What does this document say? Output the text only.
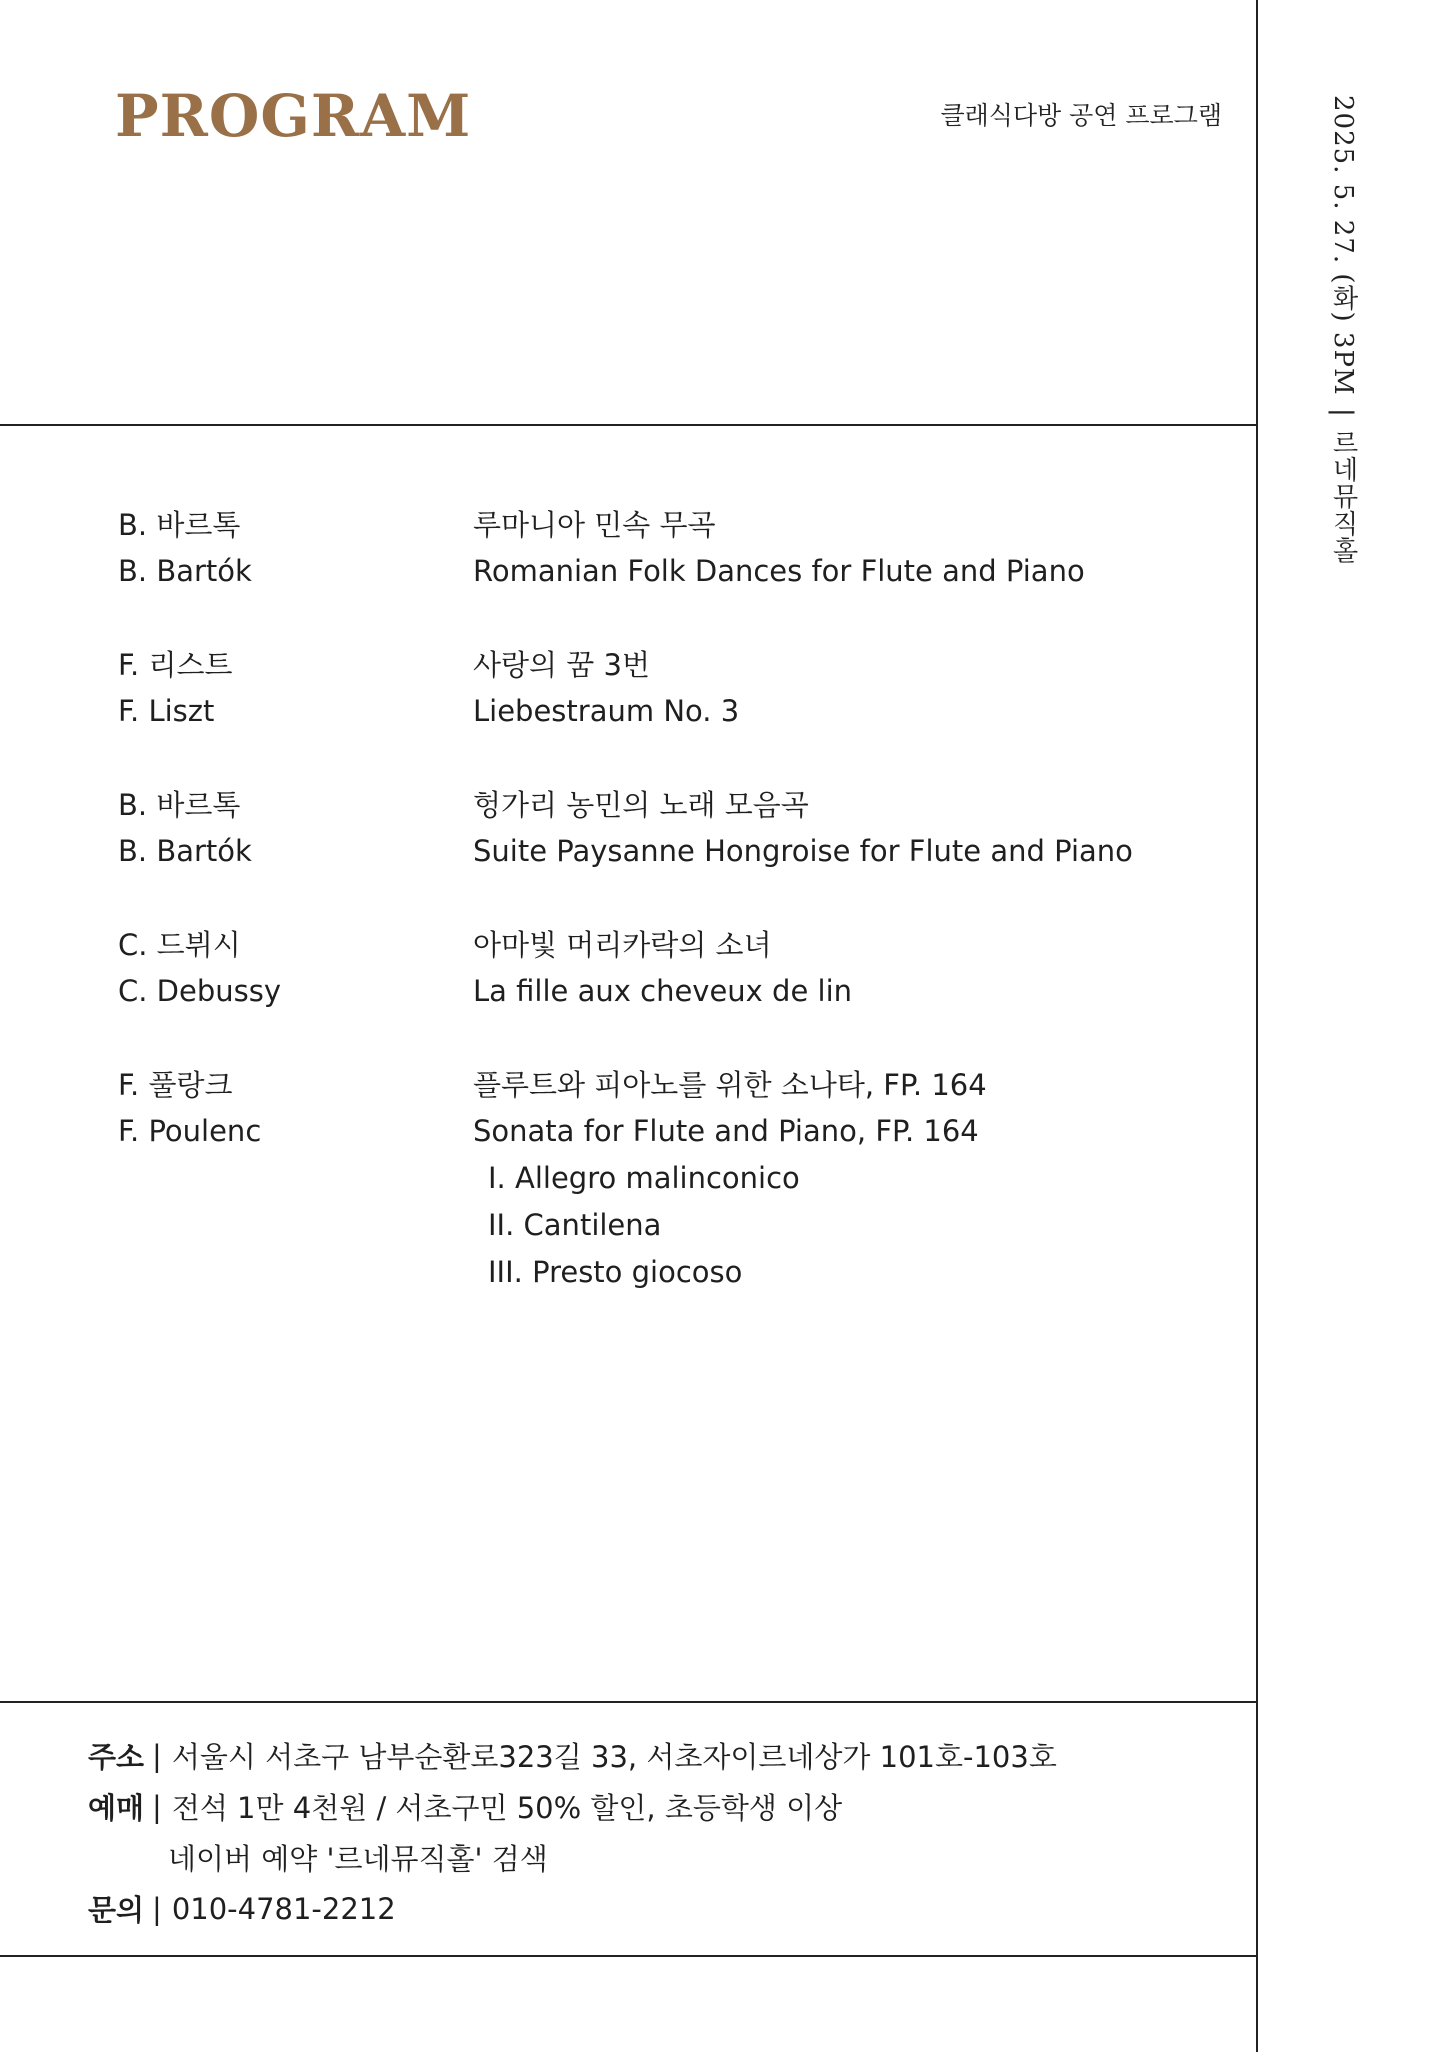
PROGRAM	클래식다방 공연 프로그램	2025. 5. 27. (화) 3PM|르네뮤직홀
B. 바르톡	루마니아 민속 무곡
B. Bartók	Romanian Folk Dances for Flute and Piano
F. 리스트	사랑의 꿈 3번
F. Liszt	Liebestraum No. 3
B. 바르톡	헝가리 농민의 노래 모음곡
B. Bartók	Suite Paysanne Hongroise for Flute and Piano
C. 드뷔시	아마빛 머리카락의 소녀
C. Debussy	La fille aux cheveux de lin
F. 풀랑크	플루트와 피아노를 위한 소나타, FP. 164
F. Poulenc	Sonata for Flute and Piano, FP. 164
I. Allegro malinconico
II. Cantilena
III. Presto giocoso
주소 | 서울시 서초구 남부순환로323길 33, 서초자이르네상가 101호-103호
예매 | 전석 1만 4천원 / 서초구민 50% 할인, 초등학생 이상
네이버 예약 '르네뮤직홀' 검색
문의 | 010-4781-2212
